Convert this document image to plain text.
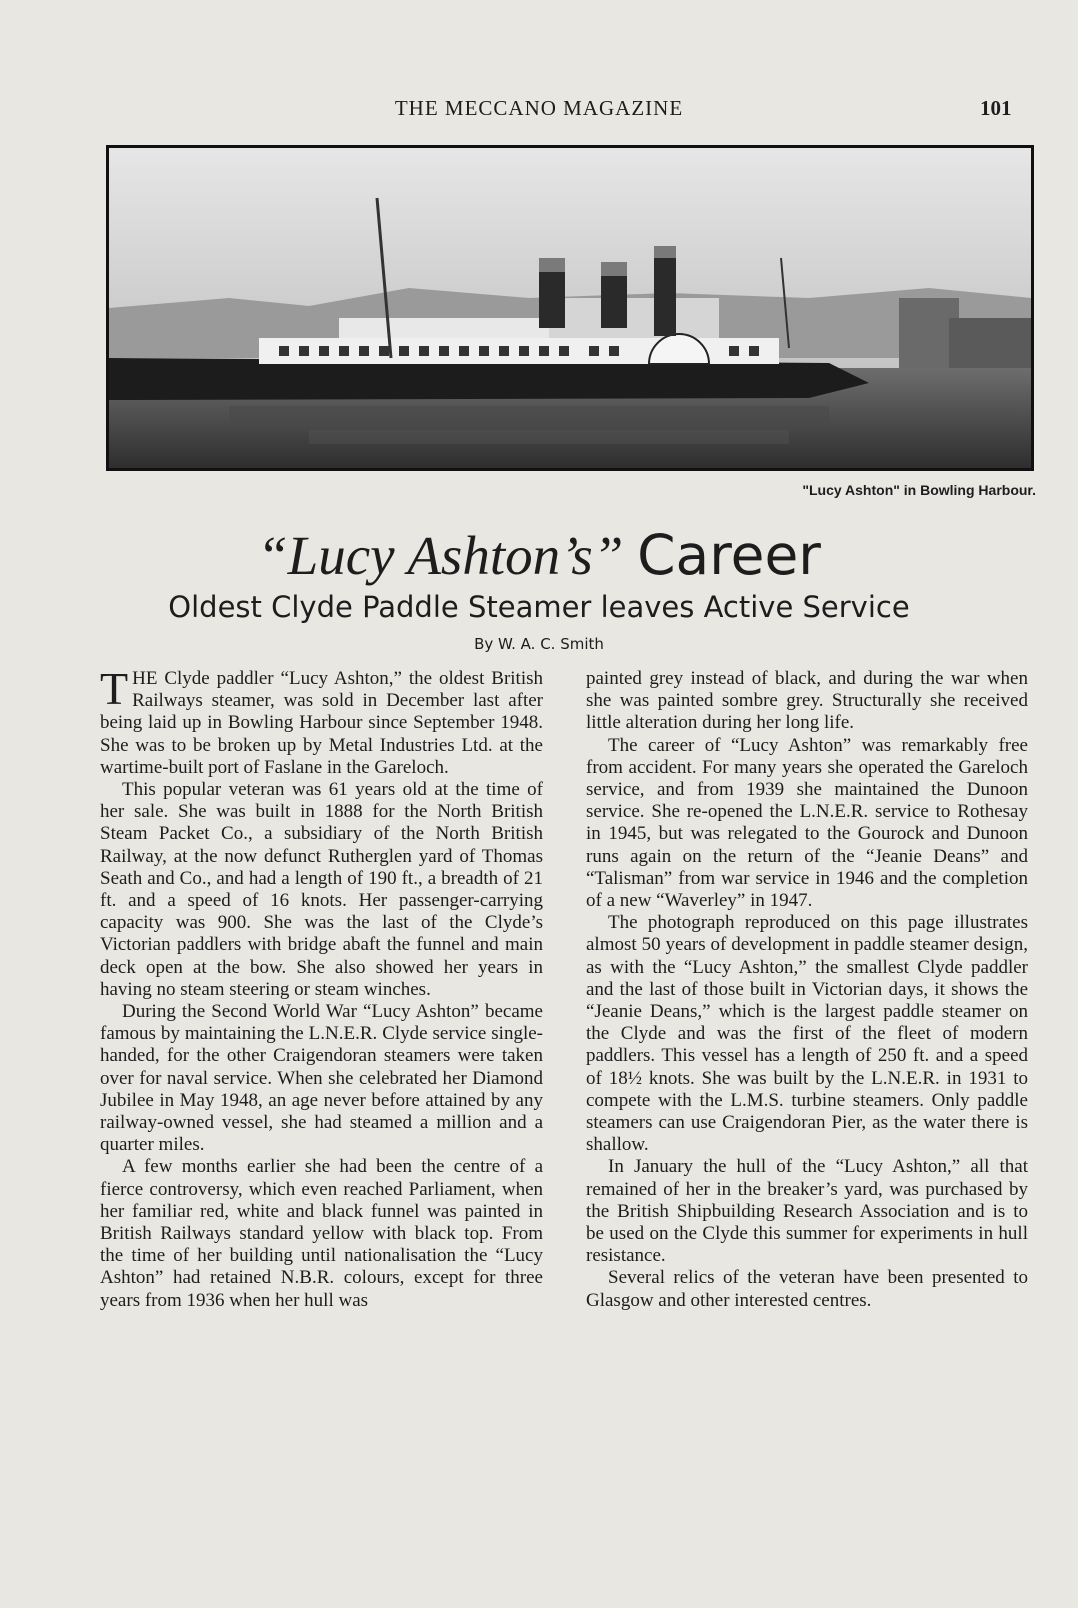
THE MECCANO MAGAZINE	101
"Lucy Ashton" in Bowling Harbour.
“Lucy Ashton’s” Career
Oldest Clyde Paddle Steamer leaves Active Service
By W. A. C. Smith

THE Clyde paddler “Lucy Ashton,” the oldest British Railways steamer, was sold in December last after being laid up in Bowling Harbour since September 1948. She was to be broken up by Metal Industries Ltd. at the wartime-built port of Faslane in the Gareloch.

This popular veteran was 61 years old at the time of her sale. She was built in 1888 for the North British Steam Packet Co., a subsidiary of the North British Railway, at the now defunct Rutherglen yard of Thomas Seath and Co., and had a length of 190 ft., a breadth of 21 ft. and a speed of 16 knots. Her passenger-carrying capacity was 900. She was the last of the Clyde’s Victorian paddlers with bridge abaft the funnel and main deck open at the bow. She also showed her years in having no steam steering or steam winches.

During the Second World War “Lucy Ashton” became famous by maintaining the L.N.E.R. Clyde service single-handed, for the other Craigendoran steamers were taken over for naval service. When she celebrated her Diamond Jubilee in May 1948, an age never before attained by any railway-owned vessel, she had steamed a million and a quarter miles.

A few months earlier she had been the centre of a fierce controversy, which even reached Parliament, when her familiar red, white and black funnel was painted in British Railways standard yellow with black top. From the time of her building until nationalisation the “Lucy Ashton” had retained N.B.R. colours, except for three years from 1936 when her hull was

painted grey instead of black, and during the war when she was painted sombre grey. Structurally she received little alteration during her long life.

The career of “Lucy Ashton” was remarkably free from accident. For many years she operated the Gareloch service, and from 1939 she maintained the Dunoon service. She re-opened the L.N.E.R. service to Rothesay in 1945, but was relegated to the Gourock and Dunoon runs again on the return of the “Jeanie Deans” and “Talisman” from war service in 1946 and the completion of a new “Waverley” in 1947.

The photograph reproduced on this page illustrates almost 50 years of development in paddle steamer design, as with the “Lucy Ashton,” the smallest Clyde paddler and the last of those built in Victorian days, it shows the “Jeanie Deans,” which is the largest paddle steamer on the Clyde and was the first of the fleet of modern paddlers. This vessel has a length of 250 ft. and a speed of 18½ knots. She was built by the L.N.E.R. in 1931 to compete with the L.M.S. turbine steamers. Only paddle steamers can use Craigendoran Pier, as the water there is shallow.

In January the hull of the “Lucy Ashton,” all that remained of her in the breaker’s yard, was purchased by the British Shipbuilding Research Association and is to be used on the Clyde this summer for experiments in hull resistance.

Several relics of the veteran have been presented to Glasgow and other interested centres.
